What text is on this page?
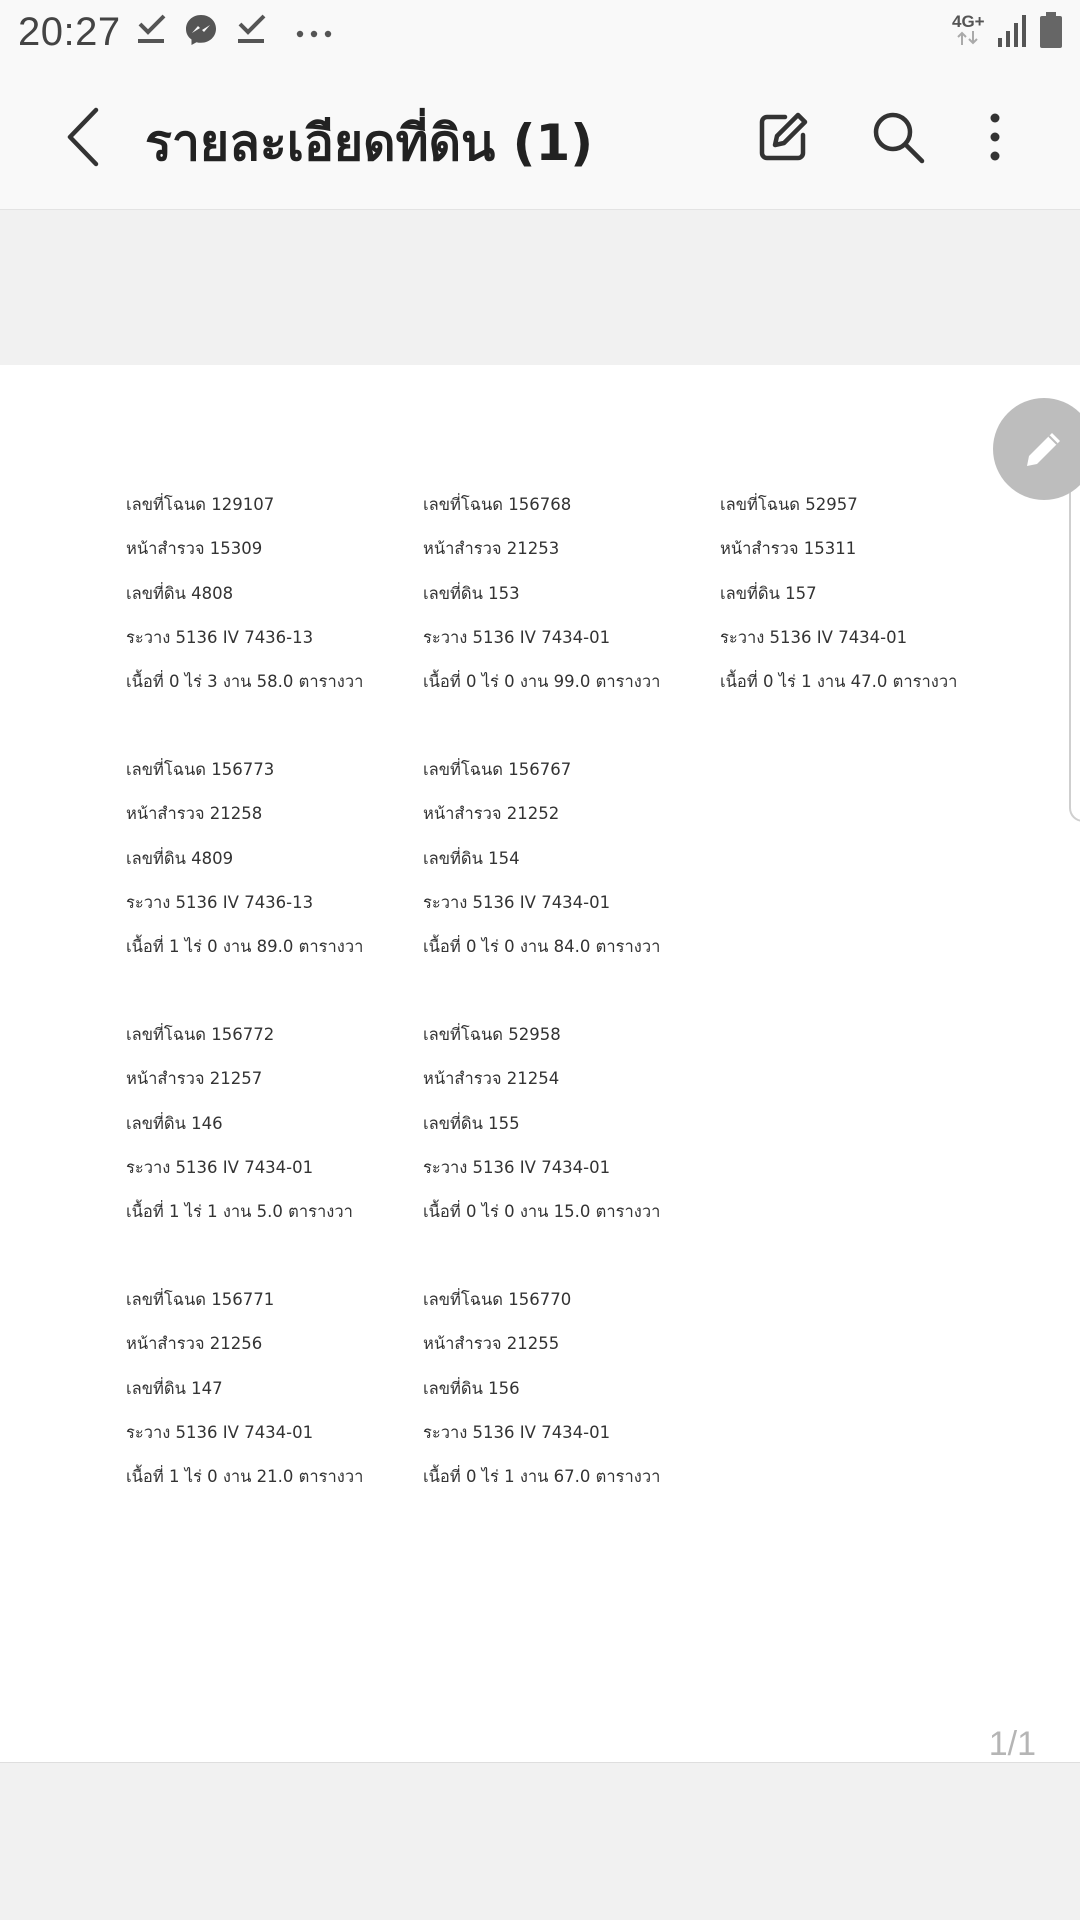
20:27	4G+

รายละเอียดที่ดิน (1)
เลขที่โฉนด 129107
หน้าสำรวจ 15309
เลขที่ดิน 4808
ระวาง 5136 IV 7436-13
เนื้อที่ 0 ไร่ 3 งาน 58.0 ตารางวา
เลขที่โฉนด 156768
หน้าสำรวจ 21253
เลขที่ดิน 153
ระวาง 5136 IV 7434-01
เนื้อที่ 0 ไร่ 0 งาน 99.0 ตารางวา
เลขที่โฉนด 52957
หน้าสำรวจ 15311
เลขที่ดิน 157
ระวาง 5136 IV 7434-01
เนื้อที่ 0 ไร่ 1 งาน 47.0 ตารางวา
เลขที่โฉนด 156773
หน้าสำรวจ 21258
เลขที่ดิน 4809
ระวาง 5136 IV 7436-13
เนื้อที่ 1 ไร่ 0 งาน 89.0 ตารางวา
เลขที่โฉนด 156767
หน้าสำรวจ 21252
เลขที่ดิน 154
ระวาง 5136 IV 7434-01
เนื้อที่ 0 ไร่ 0 งาน 84.0 ตารางวา
เลขที่โฉนด 156772
หน้าสำรวจ 21257
เลขที่ดิน 146
ระวาง 5136 IV 7434-01
เนื้อที่ 1 ไร่ 1 งาน 5.0 ตารางวา
เลขที่โฉนด 52958
หน้าสำรวจ 21254
เลขที่ดิน 155
ระวาง 5136 IV 7434-01
เนื้อที่ 0 ไร่ 0 งาน 15.0 ตารางวา
เลขที่โฉนด 156771
หน้าสำรวจ 21256
เลขที่ดิน 147
ระวาง 5136 IV 7434-01
เนื้อที่ 1 ไร่ 0 งาน 21.0 ตารางวา
เลขที่โฉนด 156770
หน้าสำรวจ 21255
เลขที่ดิน 156
ระวาง 5136 IV 7434-01
เนื้อที่ 0 ไร่ 1 งาน 67.0 ตารางวา
1/1
